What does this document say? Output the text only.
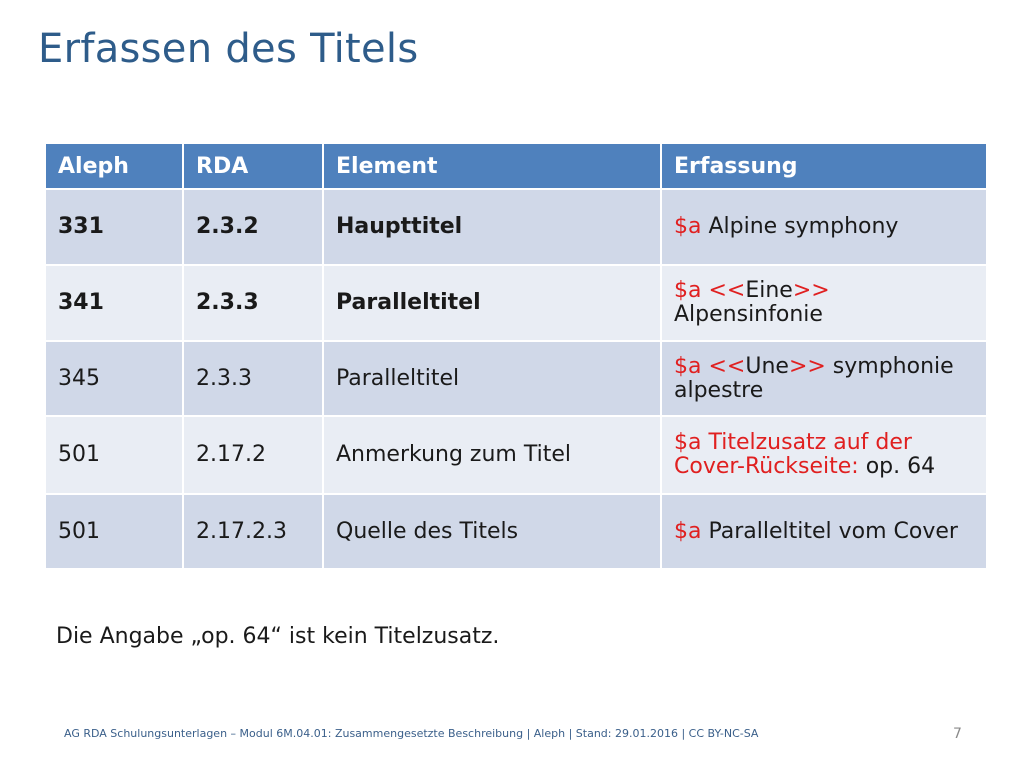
Erfassen des Titels
Aleph	RDA	Element	Erfassung
331	2.3.2	Haupttitel	$a Alpine symphony
341	2.3.3	Paralleltitel	$a <<Eine>> Alpensinfonie
345	2.3.3	Paralleltitel	$a <<Une>> symphonie alpestre
501	2.17.2	Anmerkung zum Titel	$a Titelzusatz auf der Cover-Rückseite: op. 64
501	2.17.2.3	Quelle des Titels	$a Paralleltitel vom Cover

Die Angabe „op. 64“ ist kein Titelzusatz.

AG RDA Schulungsunterlagen – Modul 6M.04.01: Zusammengesetzte Beschreibung | Aleph | Stand: 29.01.2016 | CC BY-NC-SA	7
